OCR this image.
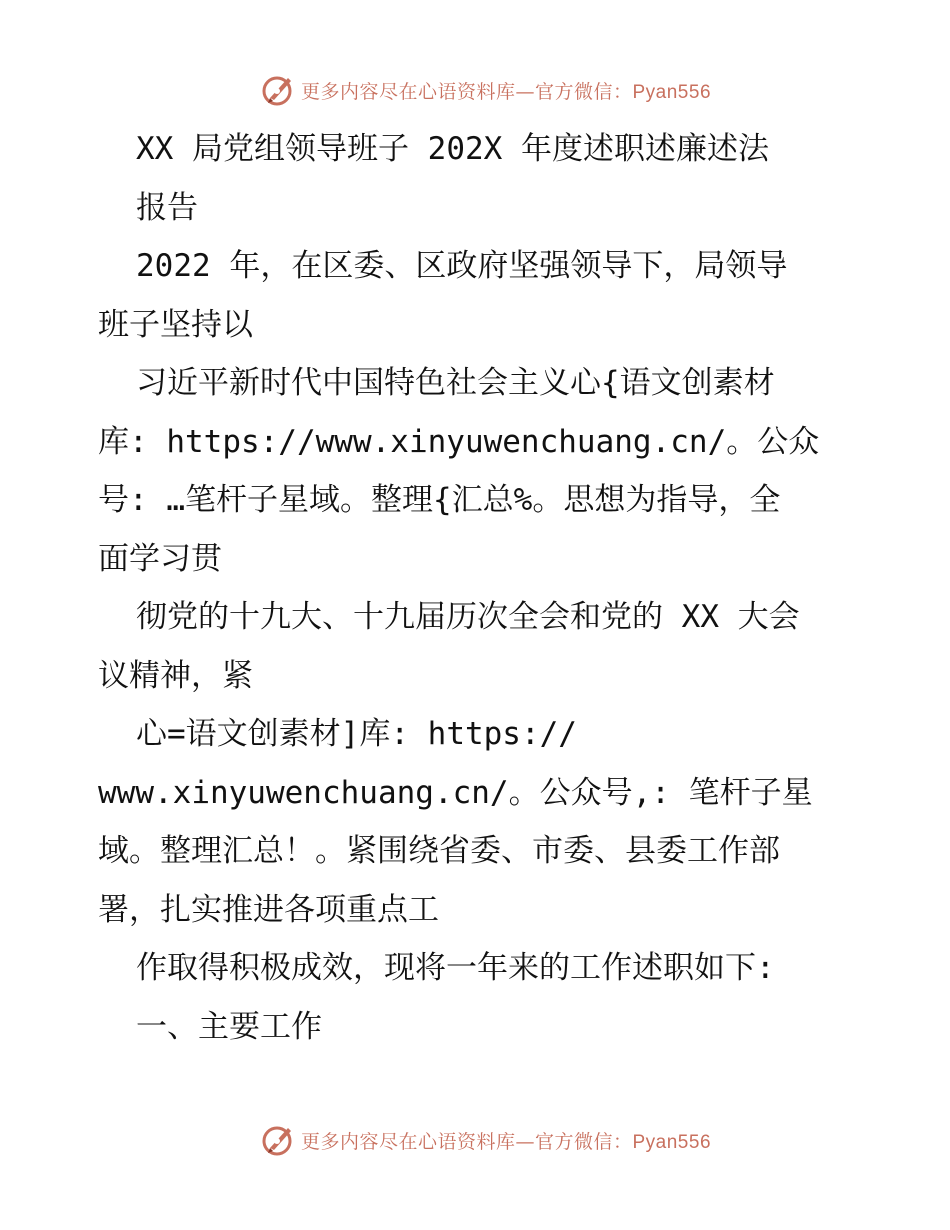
更多内容尽在心语资料库—官方微信：Pyan556

XX 局党组领导班子 202X 年度述职述廉述法

报告

2022 年，在区委、区政府坚强领导下，局领导

班子坚持以

习近平新时代中国特色社会主义心{语文创素材

库: https://www.xinyuwenchuang.cn/。公众

号: …笔杆子星域。整理{汇总%。思想为指导，全

面学习贯

彻党的十九大、十九届历次全会和党的 XX 大会

议精神，紧

心=语文创素材]库: https://

www.xinyuwenchuang.cn/。公众号,: 笔杆子星

域。整理汇总！。紧围绕省委、市委、县委工作部

署，扎实推进各项重点工

作取得积极成效，现将一年来的工作述职如下:

一、主要工作

更多内容尽在心语资料库—官方微信：Pyan556
